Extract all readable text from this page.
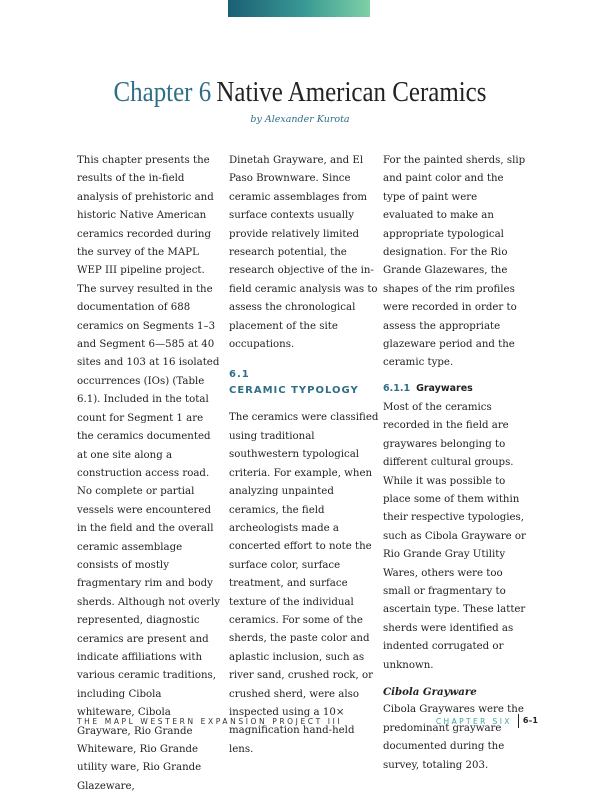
Chapter 6 Native American Ceramics
by Alexander Kurota

This chapter presents the results of the in-field analysis of prehistoric and historic Native American ceramics recorded during the survey of the MAPL WEP III pipeline project. The survey resulted in the documentation of 688 ceramics on Segments 1–3 and Segment 6—585 at 40 sites and 103 at 16 isolated occurrences (IOs) (Table 6.1). Included in the total count for Segment 1 are the ceramics documented at one site along a construction access road. No complete or partial vessels were encountered in the field and the overall ceramic assemblage consists of mostly fragmentary rim and body sherds. Although not overly represented, diagnostic ceramics are present and indicate affiliations with various ceramic traditions, including Cibola whiteware, Cibola Grayware, Rio Grande Whiteware, Rio Grande utility ware, Rio Grande Glazeware,

Dinetah Grayware, and El Paso Brownware. Since ceramic assemblages from surface contexts usually provide relatively limited research potential, the research objective of the in-field ceramic analysis was to assess the chronological placement of the site occupations.

6.1
CERAMIC TYPOLOGY

The ceramics were classified using traditional southwestern typological criteria. For example, when analyzing unpainted ceramics, the field archeologists made a concerted effort to note the surface color, surface treatment, and surface texture of the individual ceramics. For some of the sherds, the paste color and aplastic inclusion, such as river sand, crushed rock, or crushed sherd, were also inspected using a 10× magnification hand-held lens.

For the painted sherds, slip and paint color and the type of paint were evaluated to make an appropriate typological designation. For the Rio Grande Glazewares, the shapes of the rim profiles were recorded in order to assess the appropriate glazeware period and the ceramic type.

6.1.1 Graywares

Most of the ceramics recorded in the field are graywares belonging to different cultural groups. While it was possible to place some of them within their respective typologies, such as Cibola Grayware or Rio Grande Gray Utility Wares, others were too small or fragmentary to ascertain type. These latter sherds were identified as indented corrugated or unknown.

Cibola Grayware

Cibola Graywares were the predominant grayware documented during the survey, totaling 203.

THE MAPL WESTERN EXPANSION PROJECT III	CHAPTER SIX	6–1
